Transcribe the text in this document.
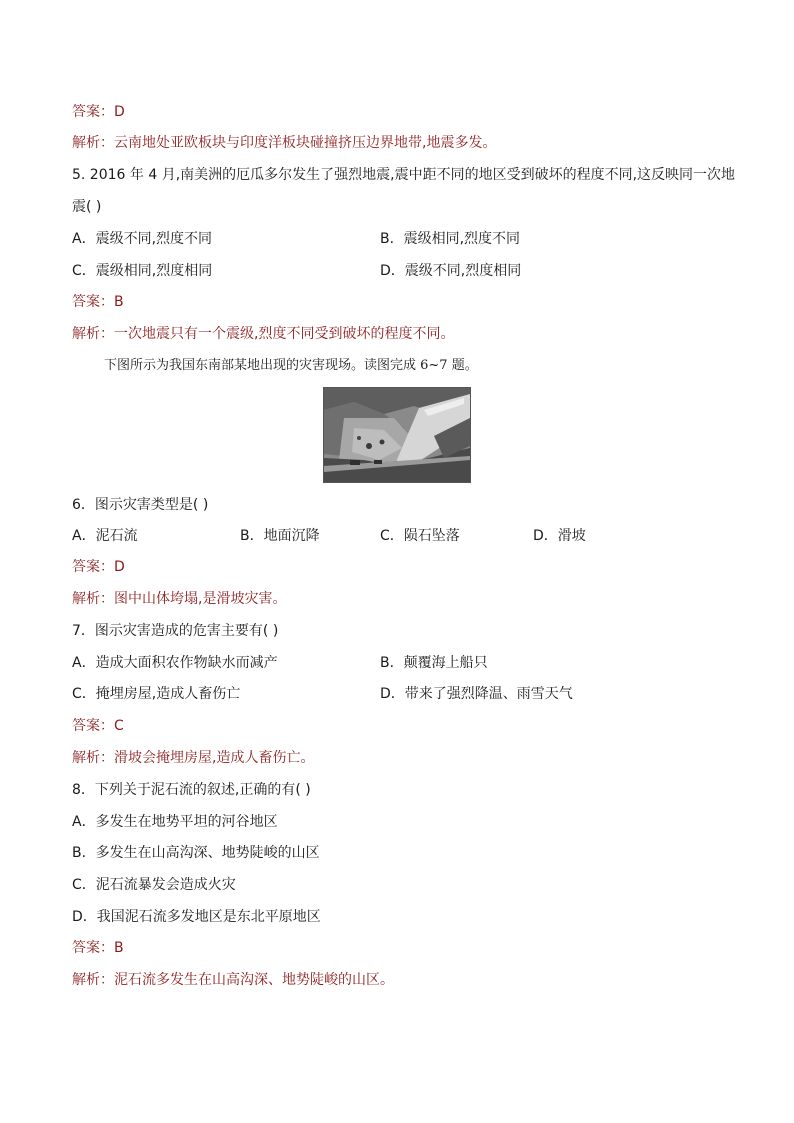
答案：D
解析：云南地处亚欧板块与印度洋板块碰撞挤压边界地带,地震多发。
5. 2016 年 4 月,南美洲的厄瓜多尔发生了强烈地震,震中距不同的地区受到破坏的程度不同,这反映同一次地
震( )
A．震级不同,烈度不同	B．震级相同,烈度不同
C．震级相同,烈度相同	D．震级不同,烈度相同
答案：B
解析：一次地震只有一个震级,烈度不同受到破坏的程度不同。
下图所示为我国东南部某地出现的灾害现场。读图完成 6~7 题。
6．图示灾害类型是( )
A．泥石流	B．地面沉降	C．陨石坠落	D．滑坡
答案：D
解析：图中山体垮塌,是滑坡灾害。
7．图示灾害造成的危害主要有( )
A．造成大面积农作物缺水而减产	B．颠覆海上船只
C．掩埋房屋,造成人畜伤亡	D．带来了强烈降温、雨雪天气
答案：C
解析：滑坡会掩埋房屋,造成人畜伤亡。
8．下列关于泥石流的叙述,正确的有( )
A．多发生在地势平坦的河谷地区
B．多发生在山高沟深、地势陡峻的山区
C．泥石流暴发会造成火灾
D．我国泥石流多发地区是东北平原地区
答案：B
解析：泥石流多发生在山高沟深、地势陡峻的山区。
